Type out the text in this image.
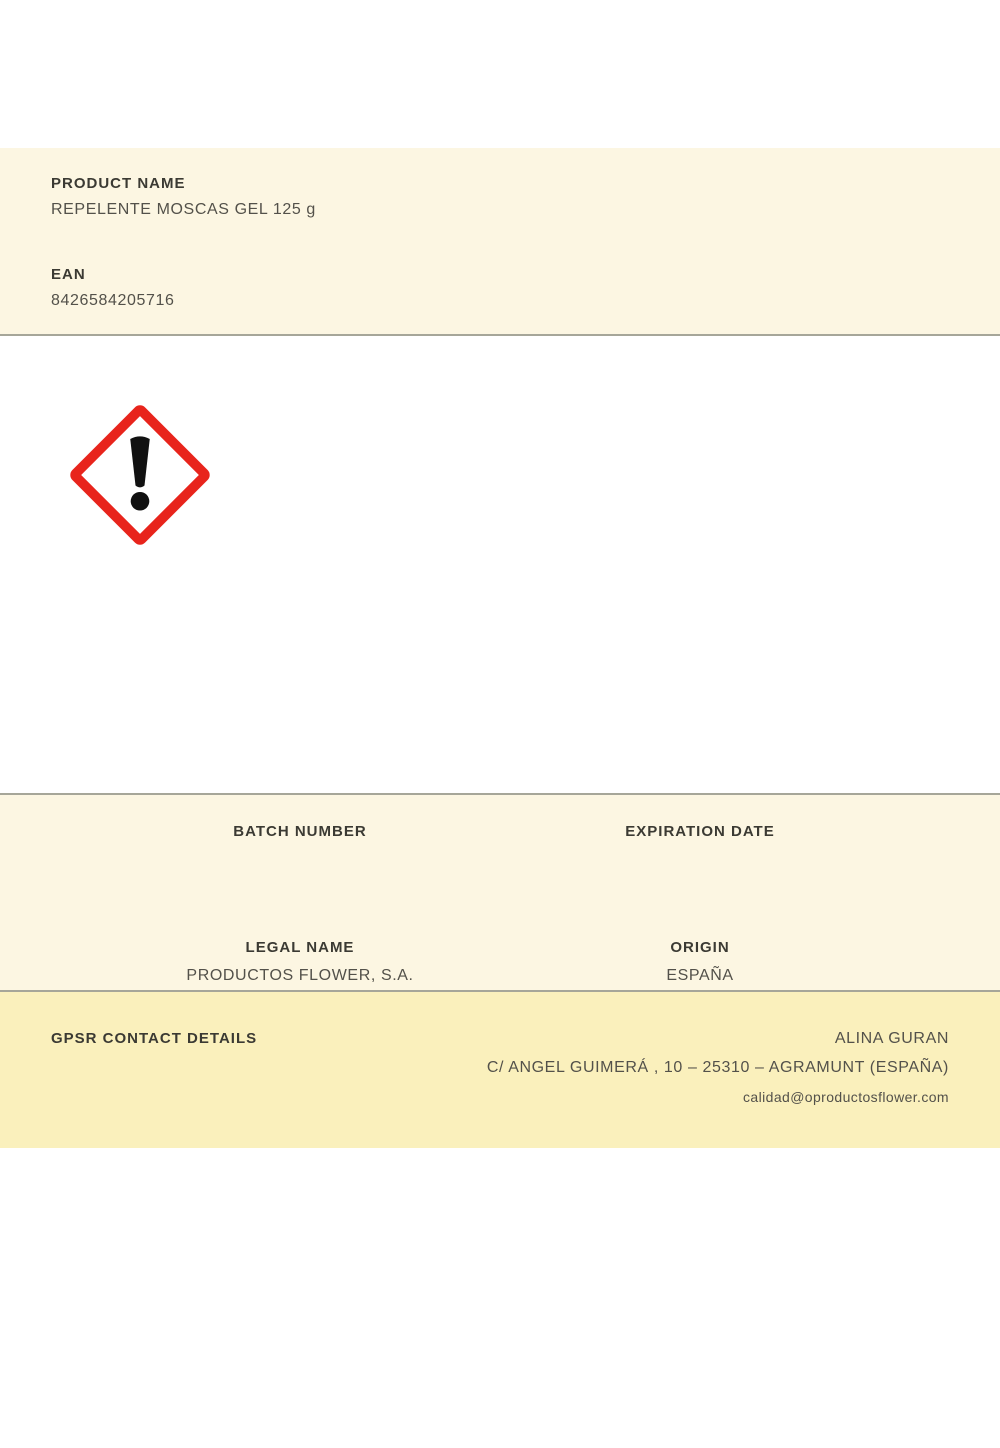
PRODUCT NAME
REPELENTE MOSCAS GEL 125 g
EAN
8426584205716
BATCH NUMBER	EXPIRATION DATE
LEGAL NAME
PRODUCTOS FLOWER, S.A.
ORIGIN
ESPAÑA
GPSR CONTACT DETAILS	ALINA GURAN
C/ ANGEL GUIMERÁ , 10 – 25310 – AGRAMUNT (ESPAÑA)
calidad@oproductosflower.com
